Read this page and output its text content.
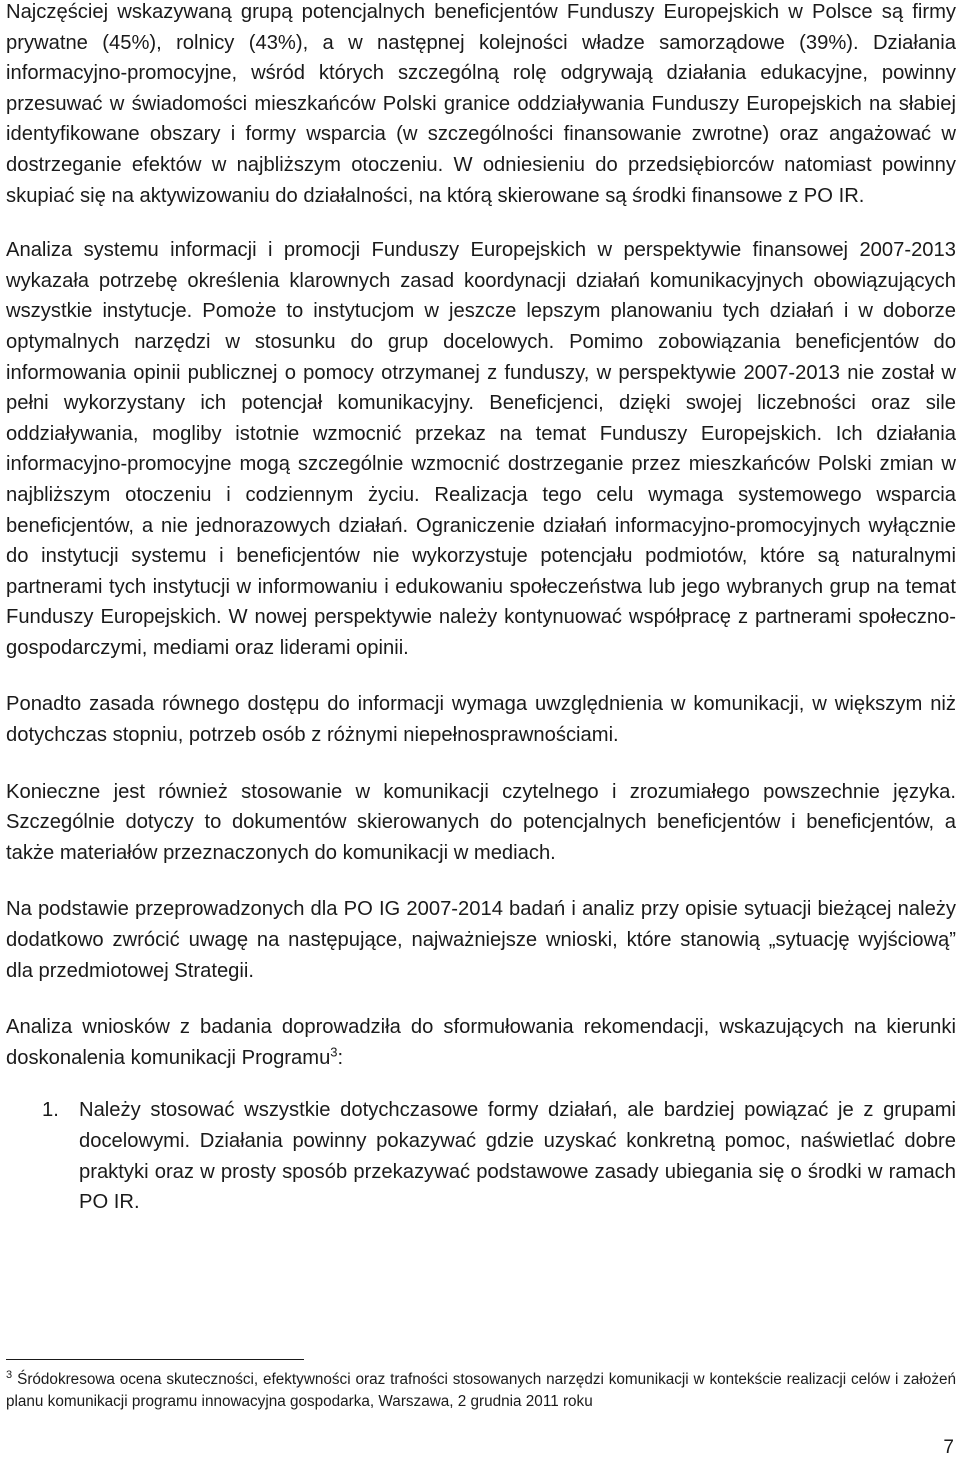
Najczęściej wskazywaną grupą potencjalnych beneficjentów Funduszy Europejskich w Polsce są firmy prywatne (45%), rolnicy (43%), a w następnej kolejności władze samorządowe (39%). Działania informacyjno-promocyjne, wśród których szczególną rolę odgrywają działania edukacyjne, powinny przesuwać w świadomości mieszkańców Polski granice oddziaływania Funduszy Europejskich na słabiej identyfikowane obszary i formy wsparcia (w szczególności finansowanie zwrotne) oraz angażować w dostrzeganie efektów w najbliższym otoczeniu. W odniesieniu do przedsiębiorców natomiast powinny skupiać się na aktywizowaniu do działalności, na którą skierowane są środki finansowe z PO IR.

Analiza systemu informacji i promocji Funduszy Europejskich w perspektywie finansowej 2007-2013 wykazała potrzebę określenia klarownych zasad koordynacji działań komunikacyjnych obowiązujących wszystkie instytucje. Pomoże to instytucjom w jeszcze lepszym planowaniu tych działań i w doborze optymalnych narzędzi w stosunku do grup docelowych. Pomimo zobowiązania beneficjentów do informowania opinii publicznej o pomocy otrzymanej z funduszy, w perspektywie 2007-2013 nie został w pełni wykorzystany ich potencjał komunikacyjny. Beneficjenci, dzięki swojej liczebności oraz sile oddziaływania, mogliby istotnie wzmocnić przekaz na temat Funduszy Europejskich. Ich działania informacyjno-promocyjne mogą szczególnie wzmocnić dostrzeganie przez mieszkańców Polski zmian w najbliższym otoczeniu i codziennym życiu. Realizacja tego celu wymaga systemowego wsparcia beneficjentów, a nie jednorazowych działań. Ograniczenie działań informacyjno-promocyjnych wyłącznie do instytucji systemu i beneficjentów nie wykorzystuje potencjału podmiotów, które są naturalnymi partnerami tych instytucji w informowaniu i edukowaniu społeczeństwa lub jego wybranych grup na temat Funduszy Europejskich. W nowej perspektywie należy kontynuować współpracę z partnerami społeczno-gospodarczymi, mediami oraz liderami opinii.

Ponadto zasada równego dostępu do informacji wymaga uwzględnienia w komunikacji, w większym niż dotychczas stopniu, potrzeb osób z różnymi niepełnosprawnościami.

Konieczne jest również stosowanie w komunikacji czytelnego i zrozumiałego powszechnie języka. Szczególnie dotyczy to dokumentów skierowanych do potencjalnych beneficjentów i beneficjentów, a także materiałów przeznaczonych do komunikacji w mediach.

Na podstawie przeprowadzonych dla PO IG 2007-2014 badań i analiz przy opisie sytuacji bieżącej należy dodatkowo zwrócić uwagę na następujące, najważniejsze wnioski, które stanowią „sytuację wyjściową” dla przedmiotowej Strategii.

Analiza wniosków z badania doprowadziła do sformułowania rekomendacji, wskazujących na kierunki doskonalenia komunikacji Programu$^3$:

1. Należy stosować wszystkie dotychczasowe formy działań, ale bardziej powiązać je z grupami docelowymi. Działania powinny pokazywać gdzie uzyskać konkretną pomoc, naświetlać dobre praktyki oraz w prosty sposób przekazywać podstawowe zasady ubiegania się o środki w ramach PO IR.
$^3$ Śródokresowa ocena skuteczności, efektywności oraz trafności stosowanych narzędzi komunikacji w kontekście realizacji celów i założeń planu komunikacji programu innowacyjna gospodarka, Warszawa, 2 grudnia 2011 roku
7
